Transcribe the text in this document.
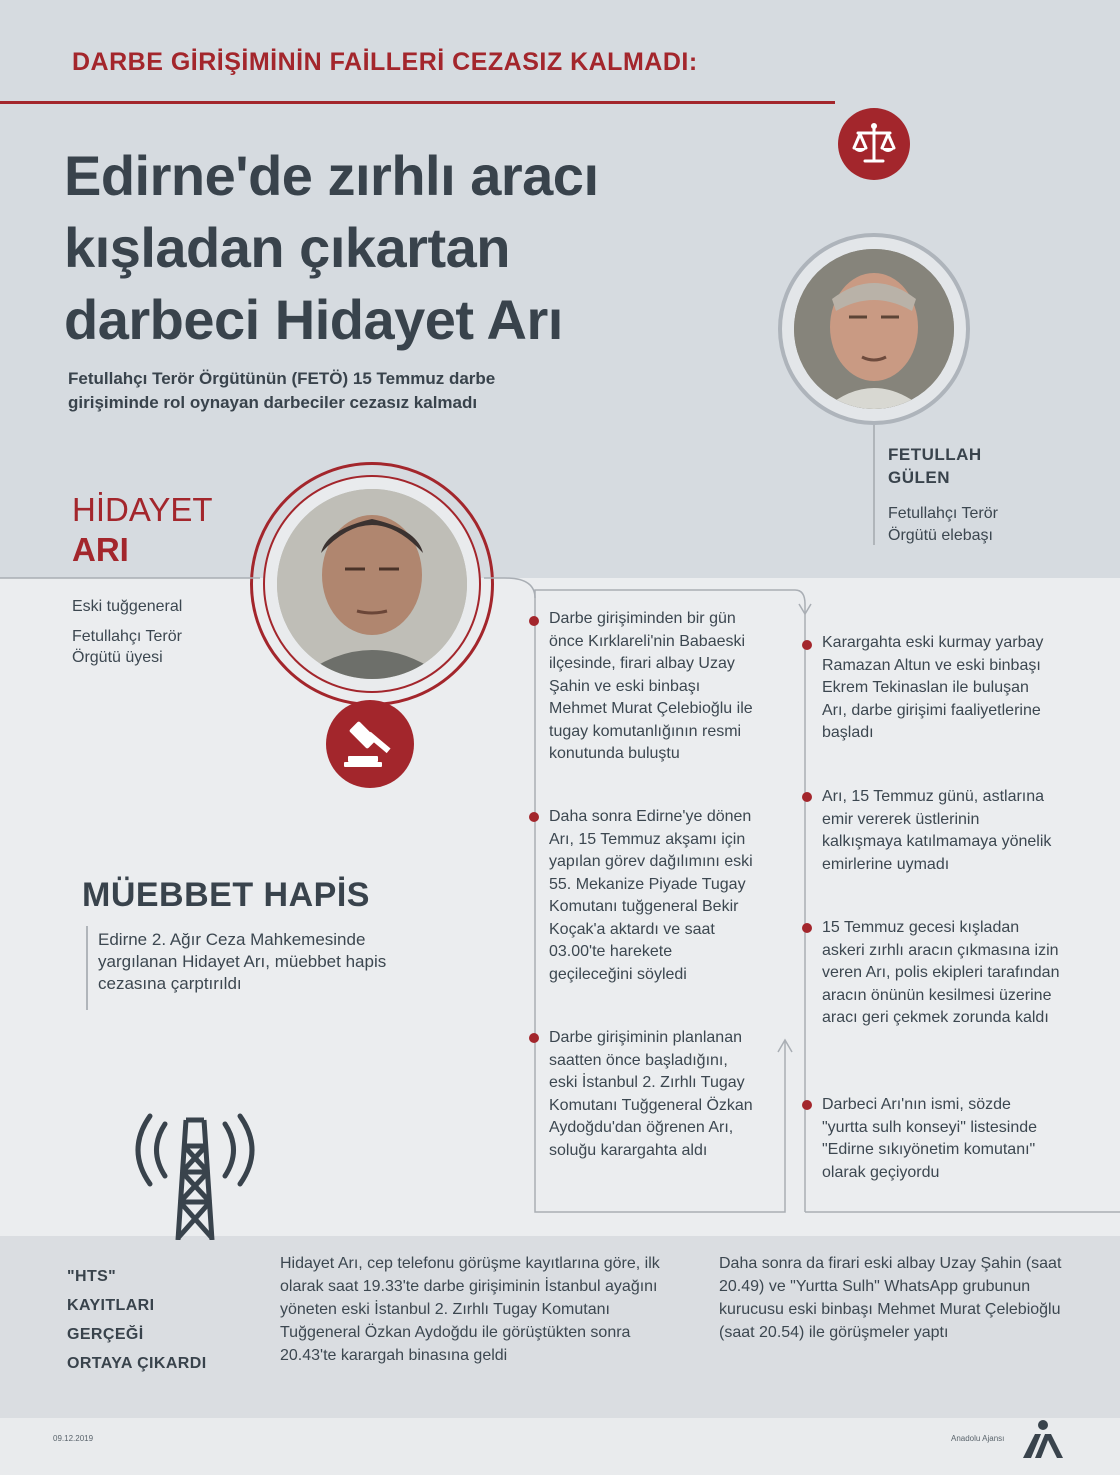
DARBE GİRİŞİMİNİN FAİLLERİ CEZASIZ KALMADI:
Edirne'de zırhlı aracı
kışladan çıkartan
darbeci Hidayet Arı
Fetullahçı Terör Örgütünün (FETÖ) 15 Temmuz darbe girişiminde rol oynayan darbeciler cezasız kalmadı
FETULLAH
GÜLEN
Fetullahçı Terör Örgütü elebaşı
HİDAYET
ARI
Eski tuğgeneral
Fetullahçı Terör Örgütü üyesi
MÜEBBET HAPİS
Edirne 2. Ağır Ceza Mahkemesinde yargılanan Hidayet Arı, müebbet hapis cezasına çarptırıldı
Darbe girişiminden bir gün önce Kırklareli'nin Babaeski ilçesinde, firari albay Uzay Şahin ve eski binbaşı Mehmet Murat Çelebioğlu ile tugay komutanlığının resmi konutunda buluştu
Daha sonra Edirne'ye dönen Arı, 15 Temmuz akşamı için yapılan görev dağılımını eski 55. Mekanize Piyade Tugay Komutanı tuğgeneral Bekir Koçak'a aktardı ve saat 03.00'te harekete geçileceğini söyledi
Darbe girişiminin planlanan saatten önce başladığını, eski İstanbul 2. Zırhlı Tugay Komutanı Tuğgeneral Özkan Aydoğdu'dan öğrenen Arı, soluğu karargahta aldı
Karargahta eski kurmay yarbay Ramazan Altun ve eski binbaşı Ekrem Tekinaslan ile buluşan Arı, darbe girişimi faaliyetlerine başladı
Arı, 15 Temmuz günü, astlarına emir vererek üstlerinin kalkışmaya katılmamaya yönelik emirlerine uymadı
15 Temmuz gecesi kışladan askeri zırhlı aracın çıkmasına izin veren Arı, polis ekipleri tarafından aracın önünün kesilmesi üzerine aracı geri çekmek zorunda kaldı
Darbeci Arı'nın ismi, sözde "yurtta sulh konseyi" listesinde "Edirne sıkıyönetim komutanı" olarak geçiyordu
"HTS"
KAYITLARI
GERÇEĞİ
ORTAYA ÇIKARDI
Hidayet Arı, cep telefonu görüşme kayıtlarına göre, ilk olarak saat 19.33'te darbe girişiminin İstanbul ayağını yöneten eski İstanbul 2. Zırhlı Tugay Komutanı Tuğgeneral Özkan Aydoğdu ile görüştükten sonra 20.43'te karargah binasına geldi
Daha sonra da firari eski albay Uzay Şahin (saat 20.49) ve "Yurtta Sulh" WhatsApp grubunun kurucusu eski binbaşı Mehmet Murat Çelebioğlu (saat 20.54) ile görüşmeler yaptı
09.12.2019	Anadolu Ajansı
